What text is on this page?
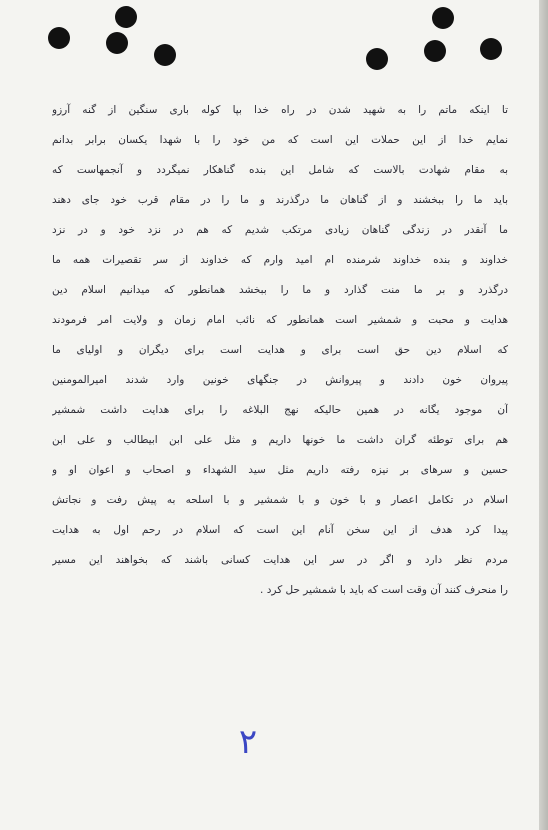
تا اینکه ماتم را به شهید شدن در راه خدا بپا کوله باری سنگین از گنه آرزو
نمایم خدا از این حملات این است که من خود را با شهدا یکسان برابر بدانم
به مقام شهادت بالاست که شامل این بنده گناهکار نمیگردد و آنجمهاست که
باید ما را ببخشند و از گناهان ما درگذرند و ما را در مقام قرب خود جای دهند
ما آنقدر در زندگی گناهان زیادی مرتکب شدیم که هم در نزد خود و در نزد
خداوند و بنده خداوند شرمنده ام امید وارم که خداوند از سر تقصیرات همه ما
درگذرد و بر ما منت گذارد و ما را ببخشد همانطور که میدانیم اسلام دین
هدایت و محبت و شمشیر است همانطور که نائب امام زمان و ولایت امر فرمودند
که اسلام دین حق است برای و هدایت است برای دیگران و اولیای ما
پیروان خون دادند و پیروانش در جنگهای خونین وارد شدند امیرالمومنین
آن موجود یگانه در همین حالیکه نهج البلاغه را برای هدایت داشت شمشیر
هم برای توطئه گران داشت ما خونها داریم و مثل علی ابن ابیطالب و علی ابن
حسین و سرهای بر نیزه رفته داریم مثل سید الشهداء و اصحاب و اعوان او و
اسلام در تکامل اعصار و با خون و با شمشیر و با اسلحه به پیش رفت و نجاتش
پیدا کرد هدف از این سخن آنام این است که اسلام در رحم اول به هدایت
مردم نظر دارد و اگر در سر این هدایت کسانی باشند که بخواهند این مسیر
را منحرف کنند آن وقت است که باید با شمشیر حل کرد .
۲
